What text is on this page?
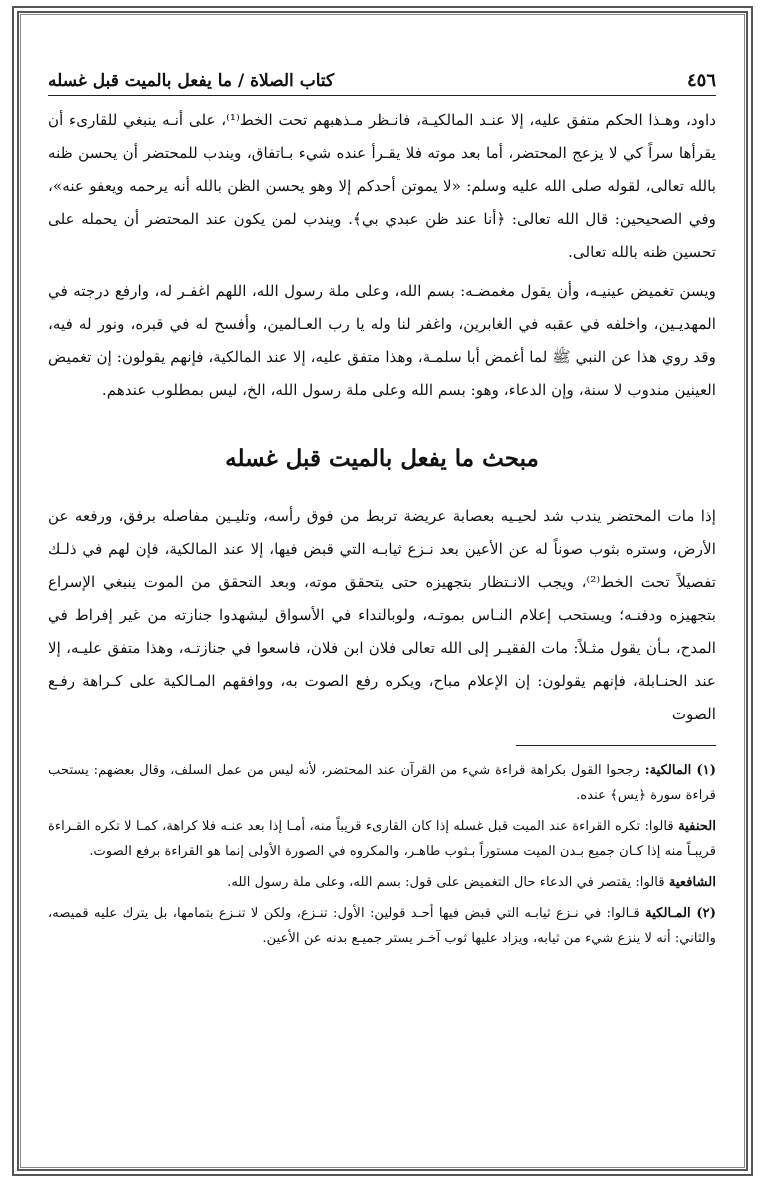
٤٥٦
كتاب الصلاة / ما يفعل بالميت قبل غسله

داود، وهـذا الحكم متفق عليه، إلا عنـد المالكيـة، فانـظر مـذهبهم تحت الخط⁽¹⁾، على أنـه ينبغي للقارىء أن يقرأها سراً كي لا يزعج المحتضر، أما بعد موته فلا يقـرأ عنده شيء بـاتفاق، ويندب للمحتضر أن يحسن ظنه بالله تعالى، لقوله صلى الله عليه وسلم: «لا يموتن أحدكم إلا وهو يحسن الظن بالله أنه يرحمه ويعفو عنه»، وفي الصحيحين: قال الله تعالى: ﴿أنا عند ظن عبدي بي﴾. ويندب لمن يكون عند المحتضر أن يحمله على تحسين ظنه بالله تعالى.

ويسن تغميض عينيـه، وأن يقول مغمضـه: بسم الله، وعلى ملة رسول الله، اللهم اغفـر له، وارفع درجته في المهديـين، واخلفه في عقبه في الغابرين، واغفر لنا وله يا رب العـالمين، وأفسح له في قبره، ونور له فيه، وقد روي هذا عن النبي ﷺ لما أغمض أبا سلمـة، وهذا متفق عليه، إلا عند المالكية، فإنهم يقولون: إن تغميض العينين مندوب لا سنة، وإن الدعاء، وهو: بسم الله وعلى ملة رسول الله، الخ، ليس بمطلوب عندهم.

مبحث ما يفعل بالميت قبل غسله

إذا مات المحتضر يندب شد لحيـيه بعصابة عريضة تربط من فوق رأسه، وتليـين مفاصله برفق، ورفعه عن الأرض، وستره بثوب صوناً له عن الأعين بعد نـزع ثيابـه التي قبض فيها، إلا عند المالكية، فإن لهم في ذلـك تفصيلاً تحت الخط⁽²⁾، ويجب الانـتظار بتجهيزه حتى يتحقق موته، وبعد التحقق من الموت ينبغي الإسراع بتجهيزه ودفنـه؛ ويستحب إعلام النـاس بموتـه، ولوبالنداء في الأسواق ليشهدوا جنازته من غير إفراط في المدح، بـأن يقول مثـلاً: مات الفقيـر إلى الله تعالى فلان ابن فلان، فاسعوا في جنازتـه، وهذا متفق عليـه، إلا عند الحنـابلة، فإنهم يقولون: إن الإعلام مباح، ويكره رفع الصوت به، ووافقهم المـالكية على كـراهة رفـع الصوت

(١) المالكية: رجحوا القول بكراهة قراءة شيء من القرآن عند المحتضر، لأنه ليس من عمل السلف، وقال بعضهم: يستحب قراءة سورة ﴿يس﴾ عنده.

الحنفية قالوا: تكره القراءة عند الميت قبل غسله إذا كان القارىء قريباً منه، أمـا إذا بعد عنـه فلا كراهة، كمـا لا تكره القـراءة قريبـاً منه إذا كـان جميع بـدن الميت مستوراً بـثوب طاهـر، والمكروه في الصورة الأولى إنما هو القراءة برفع الصوت.

الشافعية قالوا: يقتصر في الدعاء حال التغميض على قول: بسم الله، وعلى ملة رسول الله.

(٢) المـالكية قـالوا: في نـزع ثيابـه التي قبض فيها أحـد قولين: الأول: تنـزع، ولكن لا تنـزع بتمامها، بل يترك عليه قميصه، والثاني: أنه لا ينزع شيء من ثيابه، ويزاد عليها ثوب آخـر يستر جميـع بدنه عن الأعين.
